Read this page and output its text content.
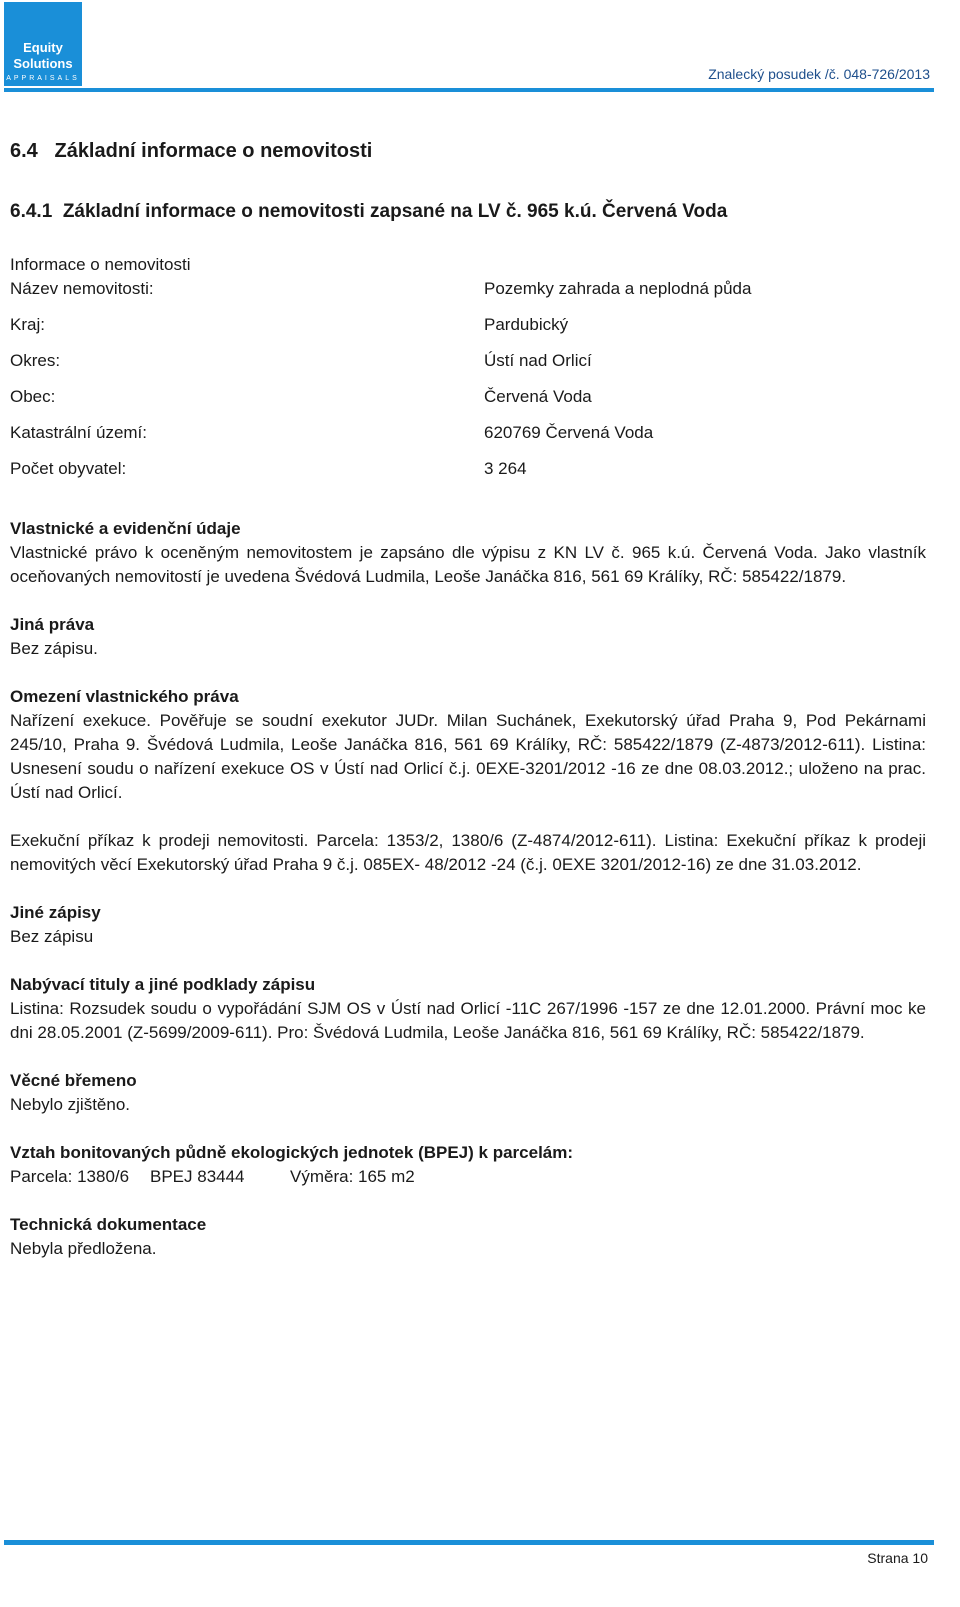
Equity
Solutions
APPRAISALS	Znalecký posudek /č. 048-726/2013
6.4   Základní informace o nemovitosti
6.4.1  Základní informace o nemovitosti zapsané na LV č. 965 k.ú. Červená Voda
Informace o nemovitosti
Název nemovitosti:	Pozemky zahrada a neplodná půda
Kraj:	Pardubický
Okres:	Ústí nad Orlicí
Obec:	Červená Voda
Katastrální území:	620769 Červená Voda
Počet obyvatel:	3 264
Vlastnické a evidenční údaje
Vlastnické právo k oceněným nemovitostem je zapsáno dle výpisu z KN LV č. 965 k.ú. Červená Voda. Jako vlastník oceňovaných nemovitostí je uvedena Švédová Ludmila, Leoše Janáčka 816, 561 69 Králíky, RČ: 585422/1879.
Jiná práva
Bez zápisu.
Omezení vlastnického práva
Nařízení exekuce. Pověřuje se soudní exekutor JUDr. Milan Suchánek, Exekutorský úřad Praha 9, Pod Pekárnami 245/10, Praha 9. Švédová Ludmila, Leoše Janáčka 816, 561 69 Králíky, RČ: 585422/1879 (Z-4873/2012-611). Listina: Usnesení soudu o nařízení exekuce OS v Ústí nad Orlicí č.j. 0EXE-3201/2012 -16 ze dne 08.03.2012.; uloženo na prac. Ústí nad Orlicí.
Exekuční příkaz k prodeji nemovitosti. Parcela: 1353/2, 1380/6 (Z-4874/2012-611). Listina: Exekuční příkaz k prodeji nemovitých věcí Exekutorský úřad Praha 9 č.j. 085EX- 48/2012 -24 (č.j. 0EXE 3201/2012-16) ze dne 31.03.2012.
Jiné zápisy
Bez zápisu
Nabývací tituly a jiné podklady zápisu
Listina: Rozsudek soudu o vypořádání SJM OS v Ústí nad Orlicí -11C 267/1996 -157 ze dne 12.01.2000. Právní moc ke dni 28.05.2001 (Z-5699/2009-611). Pro: Švédová Ludmila, Leoše Janáčka 816, 561 69 Králíky, RČ: 585422/1879.
Věcné břemeno
Nebylo zjištěno.
Vztah bonitovaných půdně ekologických jednotek (BPEJ) k parcelám:
Parcela: 1380/6 BPEJ 83444	Výměra: 165 m2
Technická dokumentace
Nebyla předložena.
Strana 10
